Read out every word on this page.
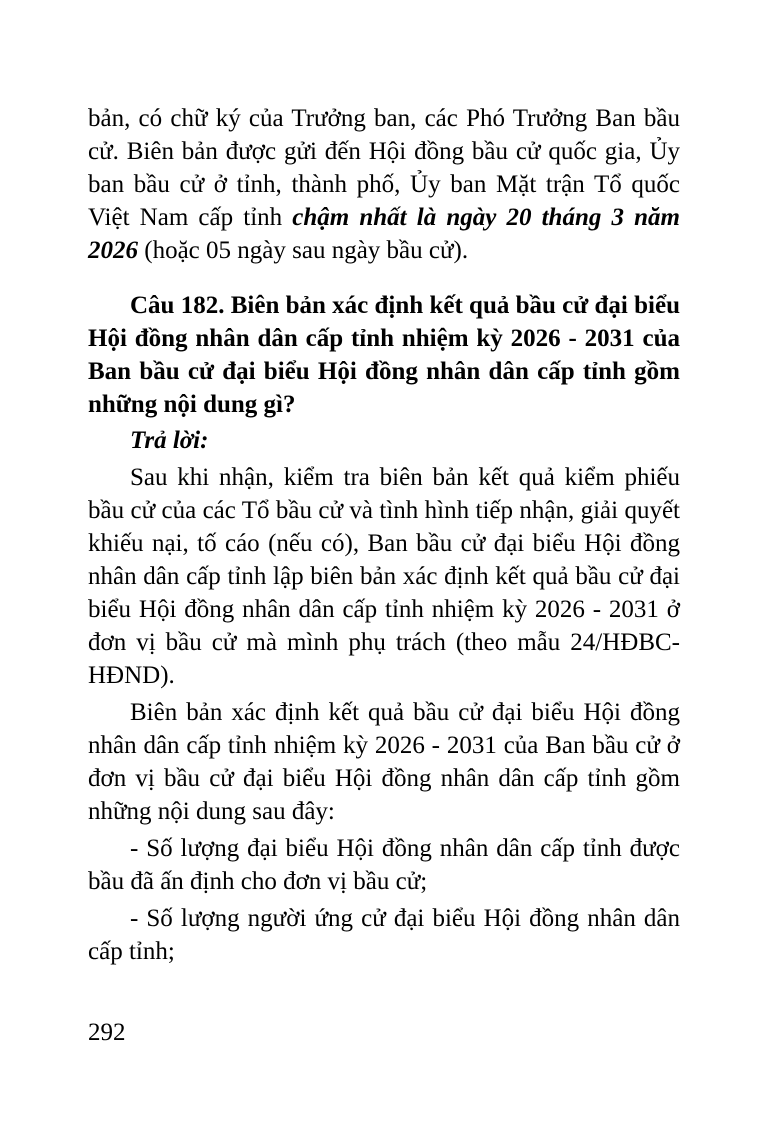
bản, có chữ ký của Trưởng ban, các Phó Trưởng Ban bầu cử. Biên bản được gửi đến Hội đồng bầu cử quốc gia, Ủy ban bầu cử ở tỉnh, thành phố, Ủy ban Mặt trận Tổ quốc Việt Nam cấp tỉnh chậm nhất là ngày 20 tháng 3 năm 2026 (hoặc 05 ngày sau ngày bầu cử).

Câu 182. Biên bản xác định kết quả bầu cử đại biểu Hội đồng nhân dân cấp tỉnh nhiệm kỳ 2026 - 2031 của Ban bầu cử đại biểu Hội đồng nhân dân cấp tỉnh gồm những nội dung gì?

Trả lời:

Sau khi nhận, kiểm tra biên bản kết quả kiểm phiếu bầu cử của các Tổ bầu cử và tình hình tiếp nhận, giải quyết khiếu nại, tố cáo (nếu có), Ban bầu cử đại biểu Hội đồng nhân dân cấp tỉnh lập biên bản xác định kết quả bầu cử đại biểu Hội đồng nhân dân cấp tỉnh nhiệm kỳ 2026 - 2031 ở đơn vị bầu cử mà mình phụ trách (theo mẫu 24/HĐBC-HĐND).

Biên bản xác định kết quả bầu cử đại biểu Hội đồng nhân dân cấp tỉnh nhiệm kỳ 2026 - 2031 của Ban bầu cử ở đơn vị bầu cử đại biểu Hội đồng nhân dân cấp tỉnh gồm những nội dung sau đây:

- Số lượng đại biểu Hội đồng nhân dân cấp tỉnh được bầu đã ấn định cho đơn vị bầu cử;

- Số lượng người ứng cử đại biểu Hội đồng nhân dân cấp tỉnh;

292
